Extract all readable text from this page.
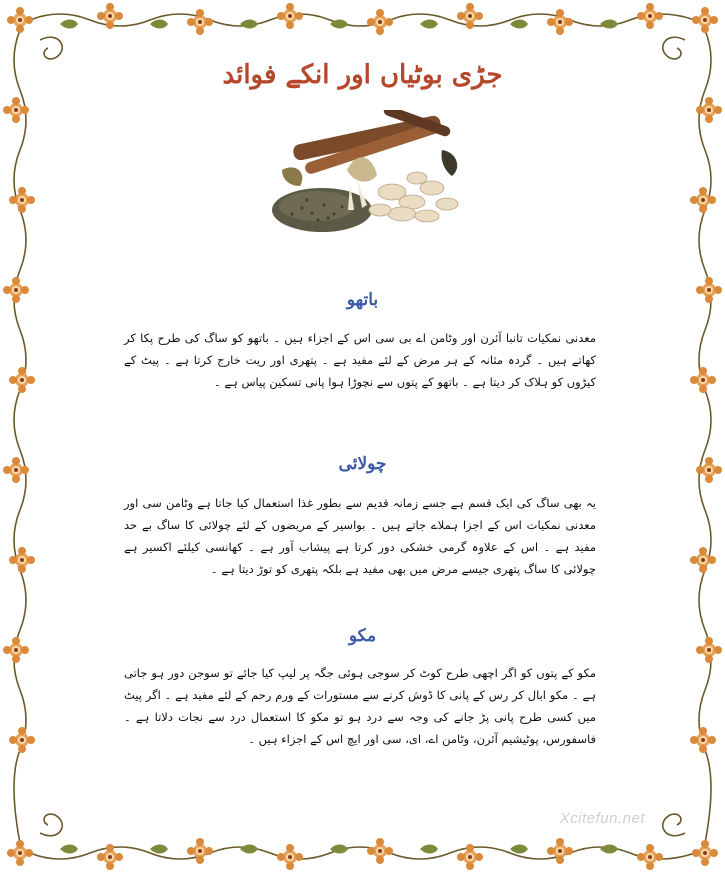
جڑی بوٹیاں اور انکے فوائد
باتھو
معدنی نمکیات تانبا آئرن اور وٹامن اے بی سی اس کے اجزاء ہیں ۔ باتھو کو ساگ کی طرح پکا کر کھاتے ہیں ۔ گردہ مثانہ کے ہر مرض کے لئے مفید ہے ۔ پتھری اور ریت خارج کرتا ہے ۔ پیٹ کے کیڑوں کو ہلاک کر دیتا ہے ۔ باتھو کے پتوں سے نچوڑا ہوا پانی تسکین پیاس ہے ۔
چولائی
یہ بھی ساگ کی ایک قسم ہے جسے زمانہ قدیم سے بطور غذا استعمال کیا جاتا ہے وٹامن سی اور معدنی نمکیات اس کے اجزا ہملاے جاتے ہیں ۔ بواسیر کے مریضوں کے لئے چولائی کا ساگ بے حد مفید ہے ۔ اس کے علاوہ گرمی خشکی دور کرتا ہے پیشاب آور ہے ۔ کھانسی کیلئے اکسیر ہے چولائی کا ساگ پتھری جیسے مرض میں بھی مفید ہے بلکہ پتھری کو توڑ دیتا ہے ۔
مکو
مکو کے پتوں کو اگر اچھی طرح کوٹ کر سوجی ہوئی جگہ پر لیپ کیا جائے تو سوجن دور ہو جاتی ہے ۔ مکو ابال کر رس کے پانی کا ڈوش کرنے سے مستورات کے ورم رحم کے لئے مفید ہے ۔ اگر پیٹ میں کسی طرح پانی پڑ جانے کی وجہ سے درد ہو تو مکو کا استعمال درد سے نجات دلاتا ہے ۔ فاسفورس، پوٹیشیم آئرن، وٹامن اے، ای، سی اور ایچ اس کے اجزاء ہیں ۔
Xcitefun.net
